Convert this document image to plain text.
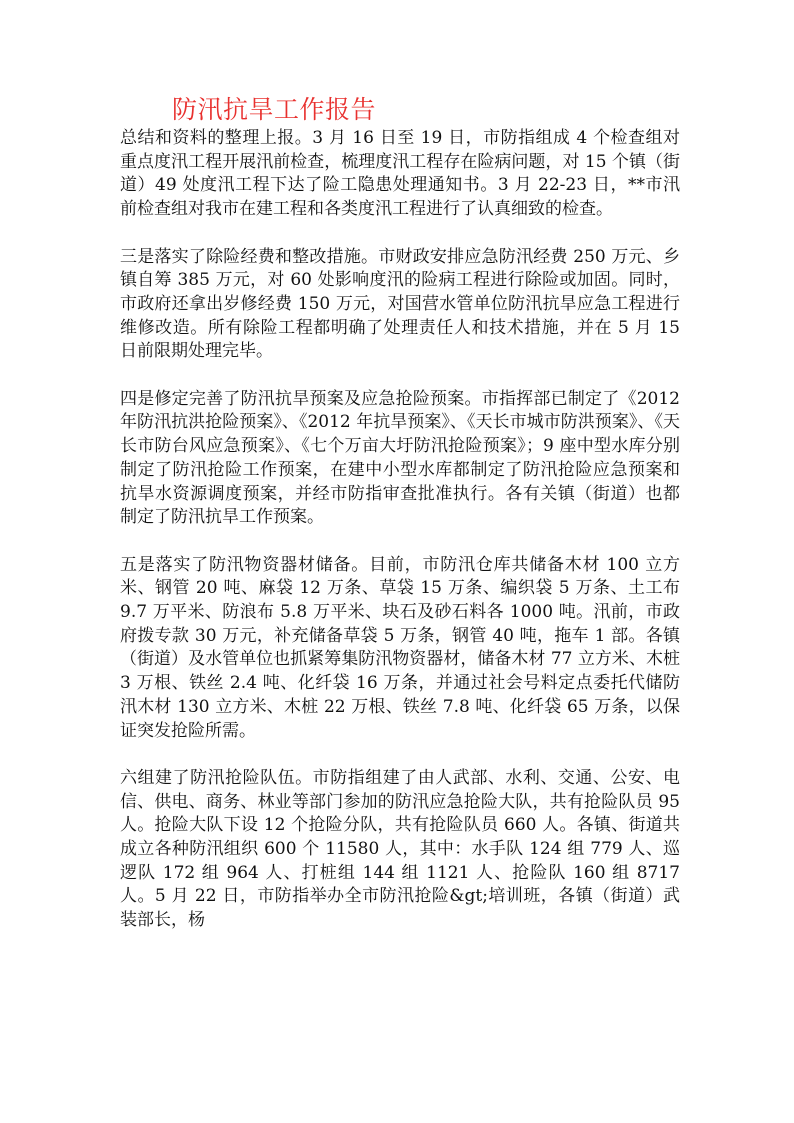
防汛抗旱工作报告

总结和资料的整理上报。3 月 16 日至 19 日，市防指组成 4 个检查组对重点度汛工程开展汛前检查，梳理度汛工程存在险病问题，对 15 个镇（街道）49 处度汛工程下达了险工隐患处理通知书。3 月 22-23 日，**市汛前检查组对我市在建工程和各类度汛工程进行了认真细致的检查。

三是落实了除险经费和整改措施。市财政安排应急防汛经费 250 万元、乡镇自筹 385 万元，对 60 处影响度汛的险病工程进行除险或加固。同时，市政府还拿出岁修经费 150 万元，对国营水管单位防汛抗旱应急工程进行维修改造。所有除险工程都明确了处理责任人和技术措施，并在 5 月 15 日前限期处理完毕。

四是修定完善了防汛抗旱预案及应急抢险预案。市指挥部已制定了《2012 年防汛抗洪抢险预案》、《2012 年抗旱预案》、《天长市城市防洪预案》、《天长市防台风应急预案》、《七个万亩大圩防汛抢险预案》；9 座中型水库分别制定了防汛抢险工作预案，在建中小型水库都制定了防汛抢险应急预案和抗旱水资源调度预案，并经市防指审查批准执行。各有关镇（街道）也都制定了防汛抗旱工作预案。

五是落实了防汛物资器材储备。目前，市防汛仓库共储备木材 100 立方米、钢管 20 吨、麻袋 12 万条、草袋 15 万条、编织袋 5 万条、土工布 9.7 万平米、防浪布 5.8 万平米、块石及砂石料各 1000 吨。汛前，市政府拨专款 30 万元，补充储备草袋 5 万条，钢管 40 吨，拖车 1 部。各镇（街道）及水管单位也抓紧筹集防汛物资器材，储备木材 77 立方米、木桩 3 万根、铁丝 2.4 吨、化纤袋 16 万条，并通过社会号料定点委托代储防汛木材 130 立方米、木桩 22 万根、铁丝 7.8 吨、化纤袋 65 万条，以保证突发抢险所需。

六组建了防汛抢险队伍。市防指组建了由人武部、水利、交通、公安、电信、供电、商务、林业等部门参加的防汛应急抢险大队，共有抢险队员 95 人。抢险大队下设 12 个抢险分队，共有抢险队员 660 人。各镇、街道共成立各种防汛组织 600 个 11580 人，其中：水手队 124 组 779 人、巡逻队 172 组 964 人、打桩组 144 组 1121 人、抢险队 160 组 8717 人。5 月 22 日，市防指举办全市防汛抢险&gt;培训班，各镇（街道）武装部长，杨
